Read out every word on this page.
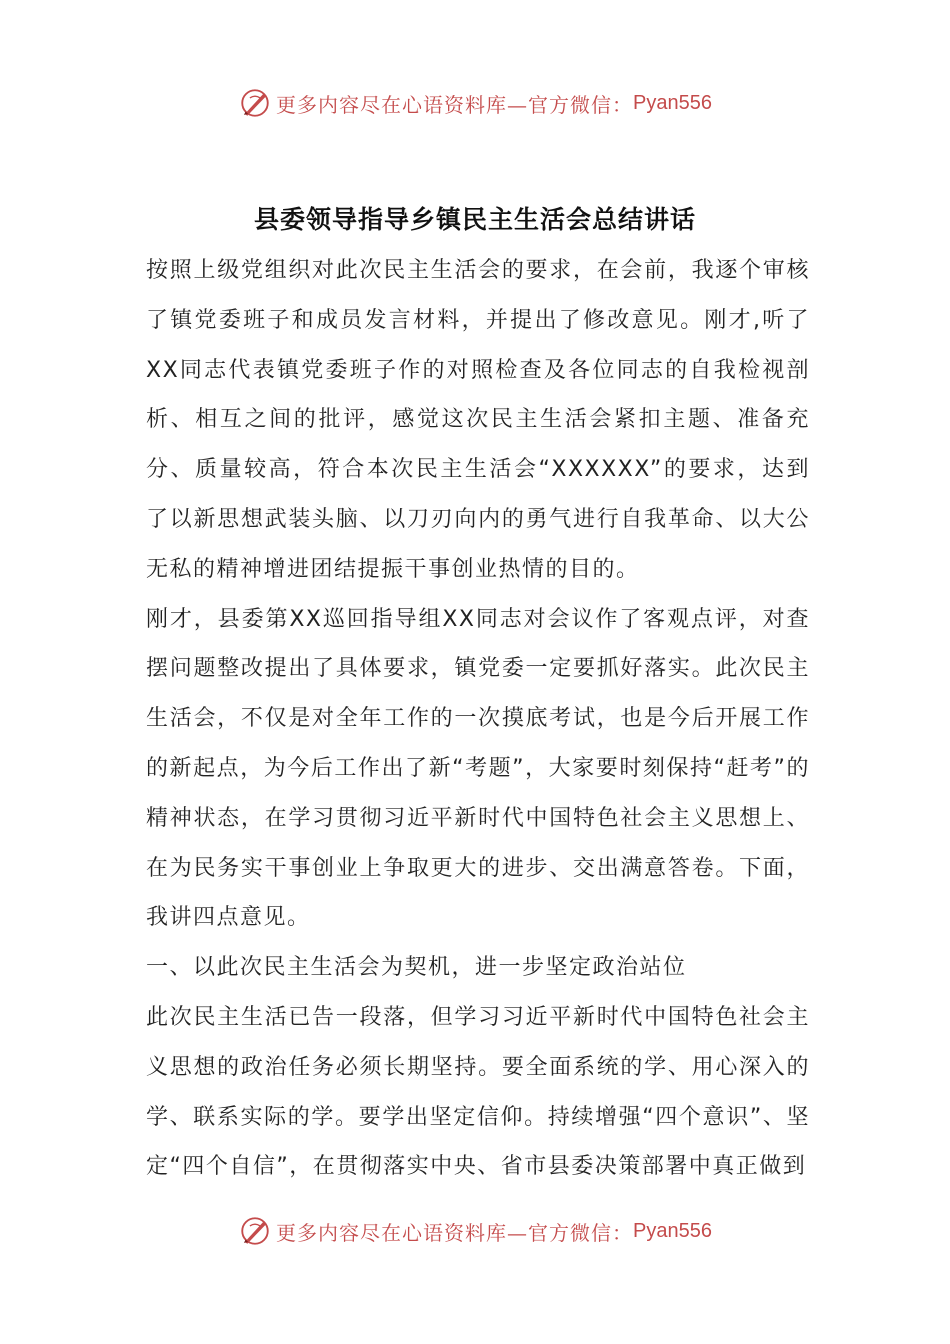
更多内容尽在心语资料库—官方微信： Pyan556
县委领导指导乡镇民主生活会总结讲话

按照上级党组织对此次民主生活会的要求，在会前，我逐个审核了镇党委班子和成员发言材料，并提出了修改意见。刚才,听了XX同志代表镇党委班子作的对照检查及各位同志的自我检视剖析、相互之间的批评，感觉这次民主生活会紧扣主题、准备充分、质量较高，符合本次民主生活会“XXXXXX”的要求，达到了以新思想武装头脑、以刀刃向内的勇气进行自我革命、以大公无私的精神增进团结提振干事创业热情的目的。

刚才，县委第XX巡回指导组XX同志对会议作了客观点评，对查摆问题整改提出了具体要求，镇党委一定要抓好落实。此次民主生活会，不仅是对全年工作的一次摸底考试，也是今后开展工作的新起点，为今后工作出了新“考题”，大家要时刻保持“赶考”的精神状态，在学习贯彻习近平新时代中国特色社会主义思想上、在为民务实干事创业上争取更大的进步、交出满意答卷。下面，我讲四点意见。

一、以此次民主生活会为契机，进一步坚定政治站位

此次民主生活已告一段落，但学习习近平新时代中国特色社会主义思想的政治任务必须长期坚持。要全面系统的学、用心深入的学、联系实际的学。要学出坚定信仰。持续增强“四个意识”、坚定“四个自信”，在贯彻落实中央、省市县委决策部署中真正做到

更多内容尽在心语资料库—官方微信： Pyan556
